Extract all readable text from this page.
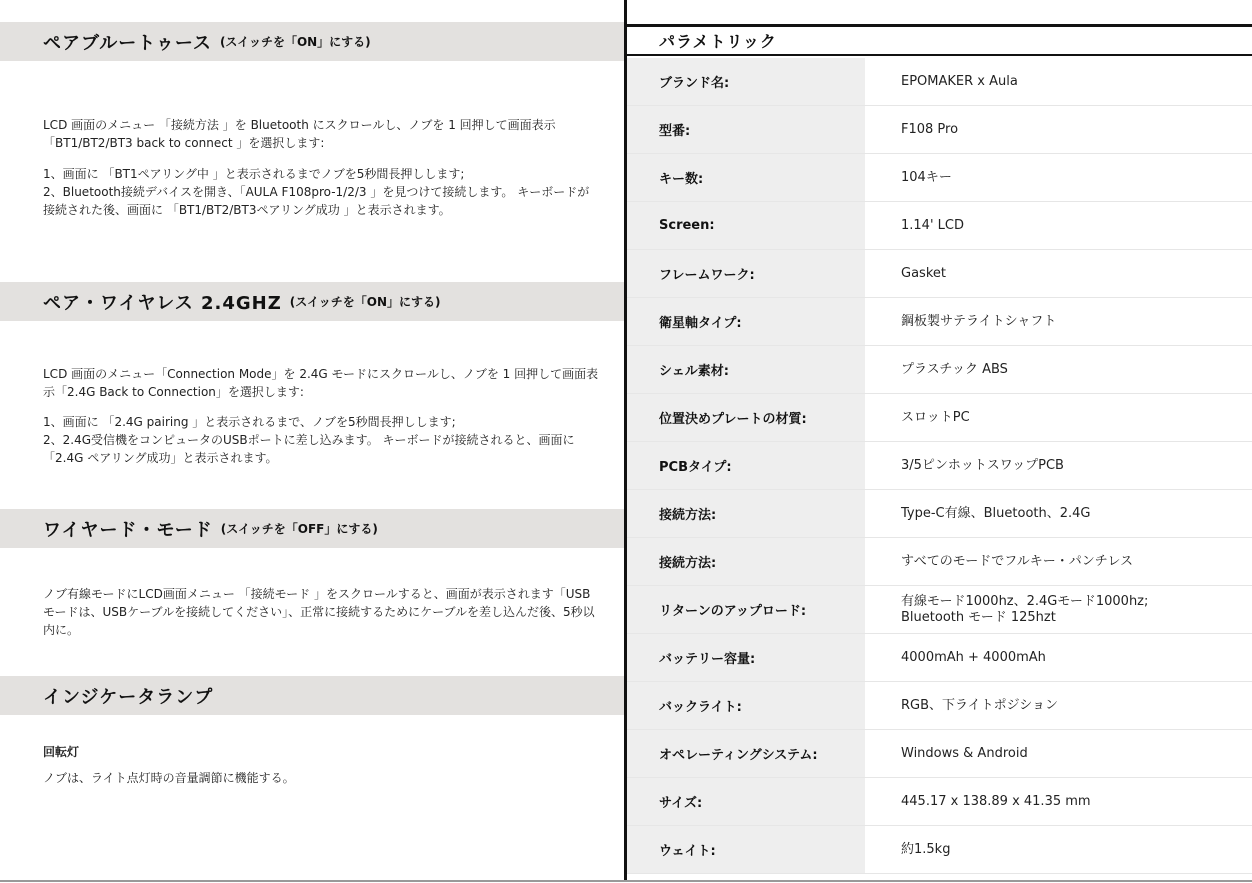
ペアブルートゥース (スイッチを「ON」にする)

LCD 画面のメニュー 「接続方法 」を Bluetooth にスクロールし、ノブを 1 回押して画面表示「BT1/BT2/BT3 back to connect 」を選択します:

1、画面に 「BT1ペアリング中 」と表示されるまでノブを5秒間長押しします;
2、Bluetooth接続デバイスを開き、「AULA F108pro-1/2/3 」を見つけて接続します。 キーボードが接続された後、画面に 「BT1/BT2/BT3ペアリング成功 」と表示されます。

ペア・ワイヤレス 2.4GHZ (スイッチを「ON」にする)

LCD 画面のメニュー「Connection Mode」を 2.4G モードにスクロールし、ノブを 1 回押して画面表示「2.4G Back to Connection」を選択します:

1、画面に 「2.4G pairing 」と表示されるまで、ノブを5秒間長押しします;
2、2.4G受信機をコンピュータのUSBポートに差し込みます。 キーボードが接続されると、画面に「2.4G ペアリング成功」と表示されます。

ワイヤード・モード (スイッチを「OFF」にする)

ノブ有線モードにLCD画面メニュー 「接続モード 」をスクロールすると、画面が表示されます「USBモードは、USBケーブルを接続してください」、正常に接続するためにケーブルを差し込んだ後、5秒以内に。

インジケータランプ

回転灯

ノブは、ライト点灯時の音量調節に機能する。

パラメトリック
ブランド名:	EPOMAKER x Aula
型番:	F108 Pro
キー数:	104キー
Screen:	1.14' LCD
フレームワーク:	Gasket
衛星軸タイプ:	鋼板製サテライトシャフト
シェル素材:	プラスチック ABS
位置決めプレートの材質:	スロットPC
PCBタイプ:	3/5ピンホットスワップPCB
接続方法:	Type-C有線、Bluetooth、2.4G
接続方法:	すべてのモードでフルキー・パンチレス
リターンのアップロード:
有線モード1000hz、2.4Gモード1000hz;
Bluetooth モード 125hzt
バッテリー容量:	4000mAh + 4000mAh
バックライト:	RGB、下ライトポジション
オペレーティングシステム:	Windows & Android
サイズ:	445.17 x 138.89 x 41.35 mm
ウェイト:	約1.5kg
